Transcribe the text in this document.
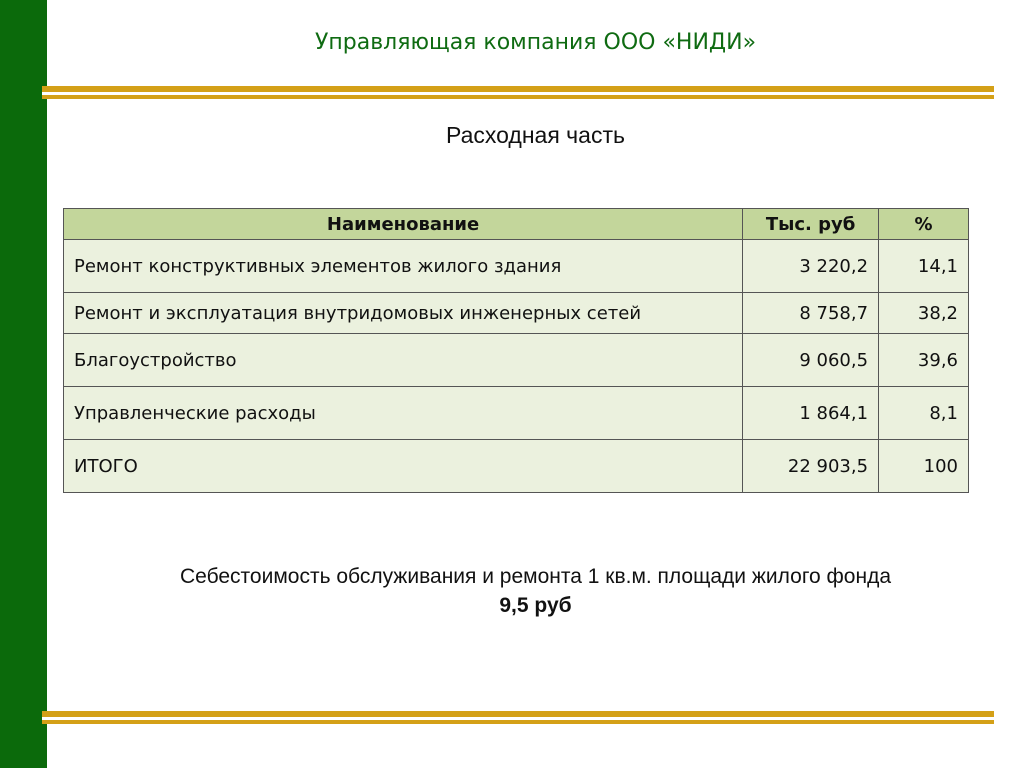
Управляющая компания ООО «НИДИ»
Расходная часть
Наименование	Тыс. руб	%
Ремонт конструктивных элементов жилого здания	3 220,2	14,1
Ремонт и эксплуатация внутридомовых инженерных сетей	8 758,7	38,2
Благоустройство	9 060,5	39,6
Управленческие расходы	1 864,1	8,1
ИТОГО	22 903,5	100
Себестоимость обслуживания и ремонта 1 кв.м. площади жилого фонда
9,5 руб
